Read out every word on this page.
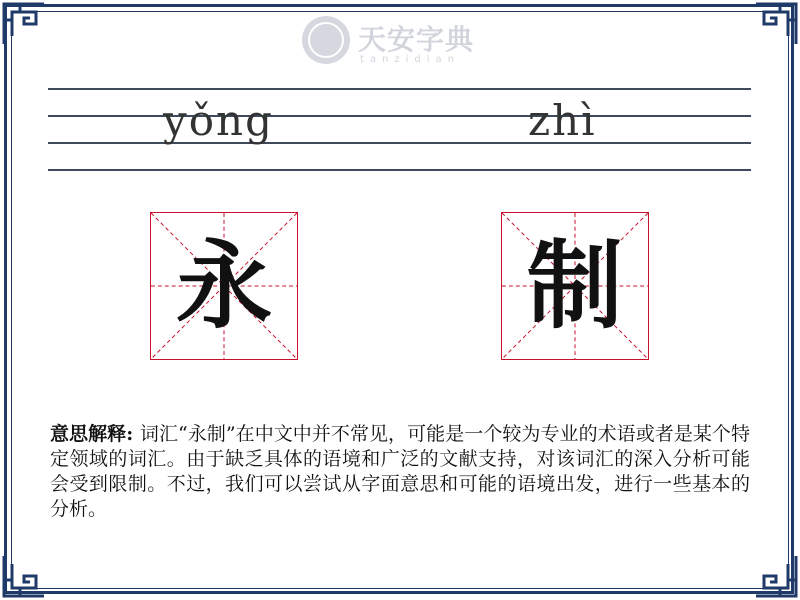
天安字典
tanzidian
yǒng	zhì
永	制
意思解释: 词汇“永制”在中文中并不常见，可能是一个较为专业的术语或者是某个特定领域的词汇。由于缺乏具体的语境和广泛的文献支持，对该词汇的深入分析可能会受到限制。不过，我们可以尝试从字面意思和可能的语境出发，进行一些基本的分析。
